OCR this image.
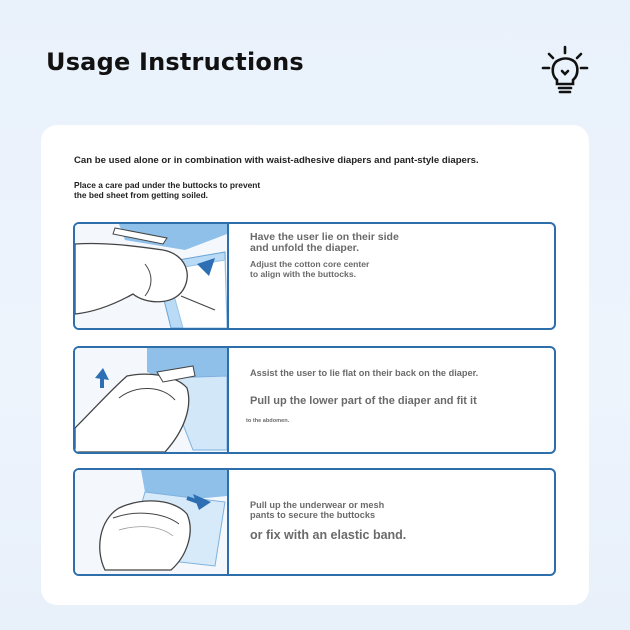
Usage Instructions
Can be used alone or in combination with waist-adhesive diapers and pant-style diapers.
Place a care pad under the buttocks to prevent
the bed sheet from getting soiled.
Have the user lie on their side
and unfold the diaper.
Adjust the cotton core center
to align with the buttocks.
Assist the user to lie flat on their back on the diaper.
Pull up the lower part of the diaper and fit it
to the abdomen.
Pull up the underwear or mesh
pants to secure the buttocks
or fix with an elastic band.
